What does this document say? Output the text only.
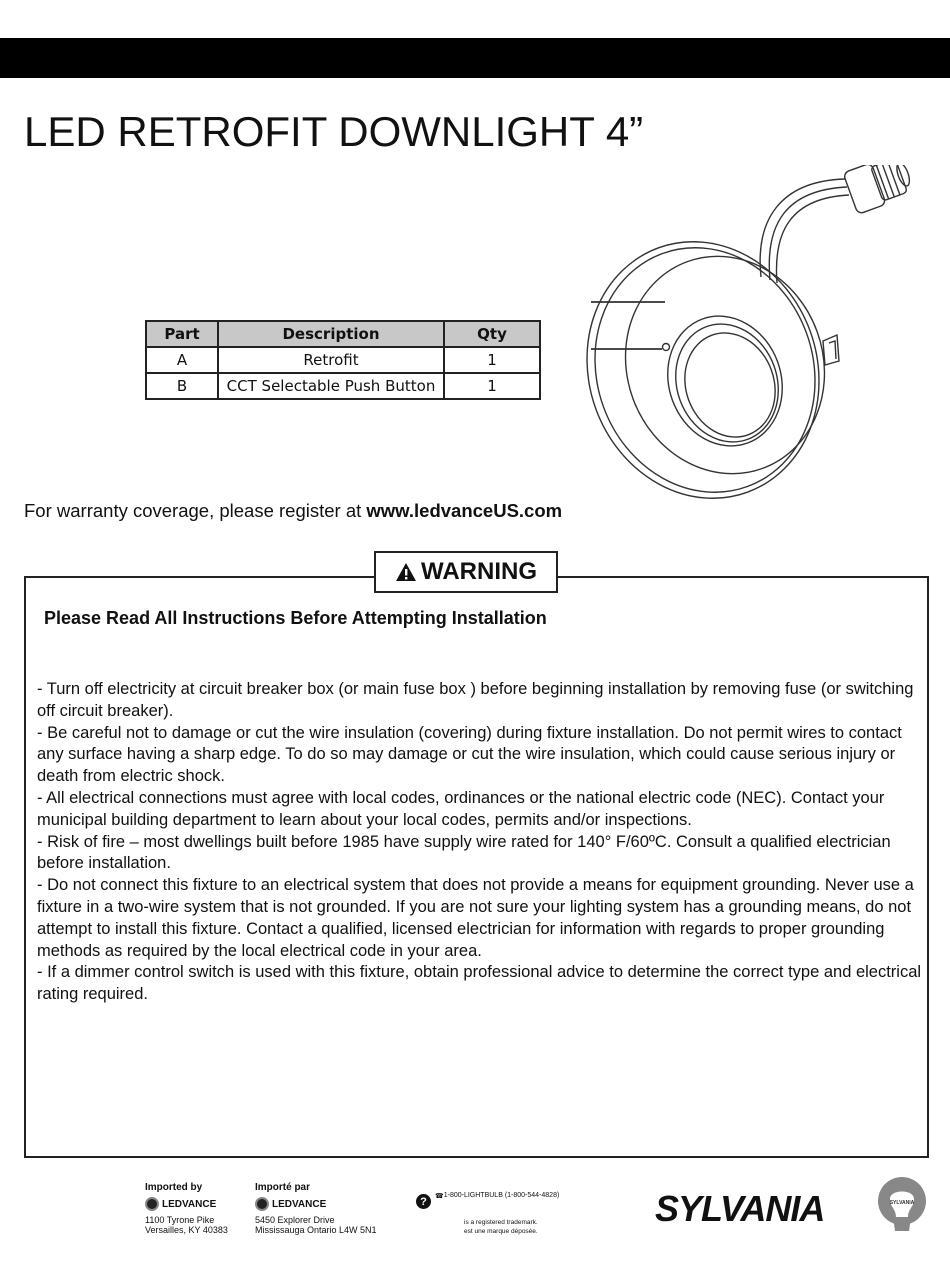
LED RETROFIT DOWNLIGHT 4”
Part	Description	Qty
A	Retrofit	1
B	CCT Selectable Push Button	1
For warranty coverage, please register at www.ledvanceUS.com
WARNING
Please Read All Instructions Before Attempting Installation
- Turn off electricity at circuit breaker box (or main fuse box ) before beginning installation by removing fuse (or switching off circuit breaker).
- Be careful not to damage or cut the wire insulation (covering) during fixture installation. Do not permit wires to contact any surface having a sharp edge. To do so may damage or cut the wire insulation, which could cause serious injury or death from electric shock.
- All electrical connections must agree with local codes, ordinances or the national electric code (NEC). Contact your municipal building department to learn about your local codes, permits and/or inspections.
- Risk of fire – most dwellings built before 1985 have supply wire rated for 140° F/60ºC. Consult a qualified electrician before installation.
- Do not connect this fixture to an electrical system that does not provide a means for equipment grounding. Never use a fixture in a two-wire system that is not grounded. If you are not sure your lighting system has a grounding means, do not attempt to install this fixture. Contact a qualified, licensed electrician for information with regards to proper grounding methods as required by the local electrical code in your area.
- If a dimmer control switch is used with this fixture, obtain professional advice to determine the correct type and electrical rating required.
Imported by
LEDVANCE
1100 Tyrone Pike
Versailles, KY 40383
Importé par
LEDVANCE
5450 Explorer Drive
Mississauga Ontario L4W 5N1
?	☎ 1-800-LIGHTBULB (1-800-544-4828)
is a registered trademark.
est une marque déposée.
SYLVANIA	SYLVANIA
